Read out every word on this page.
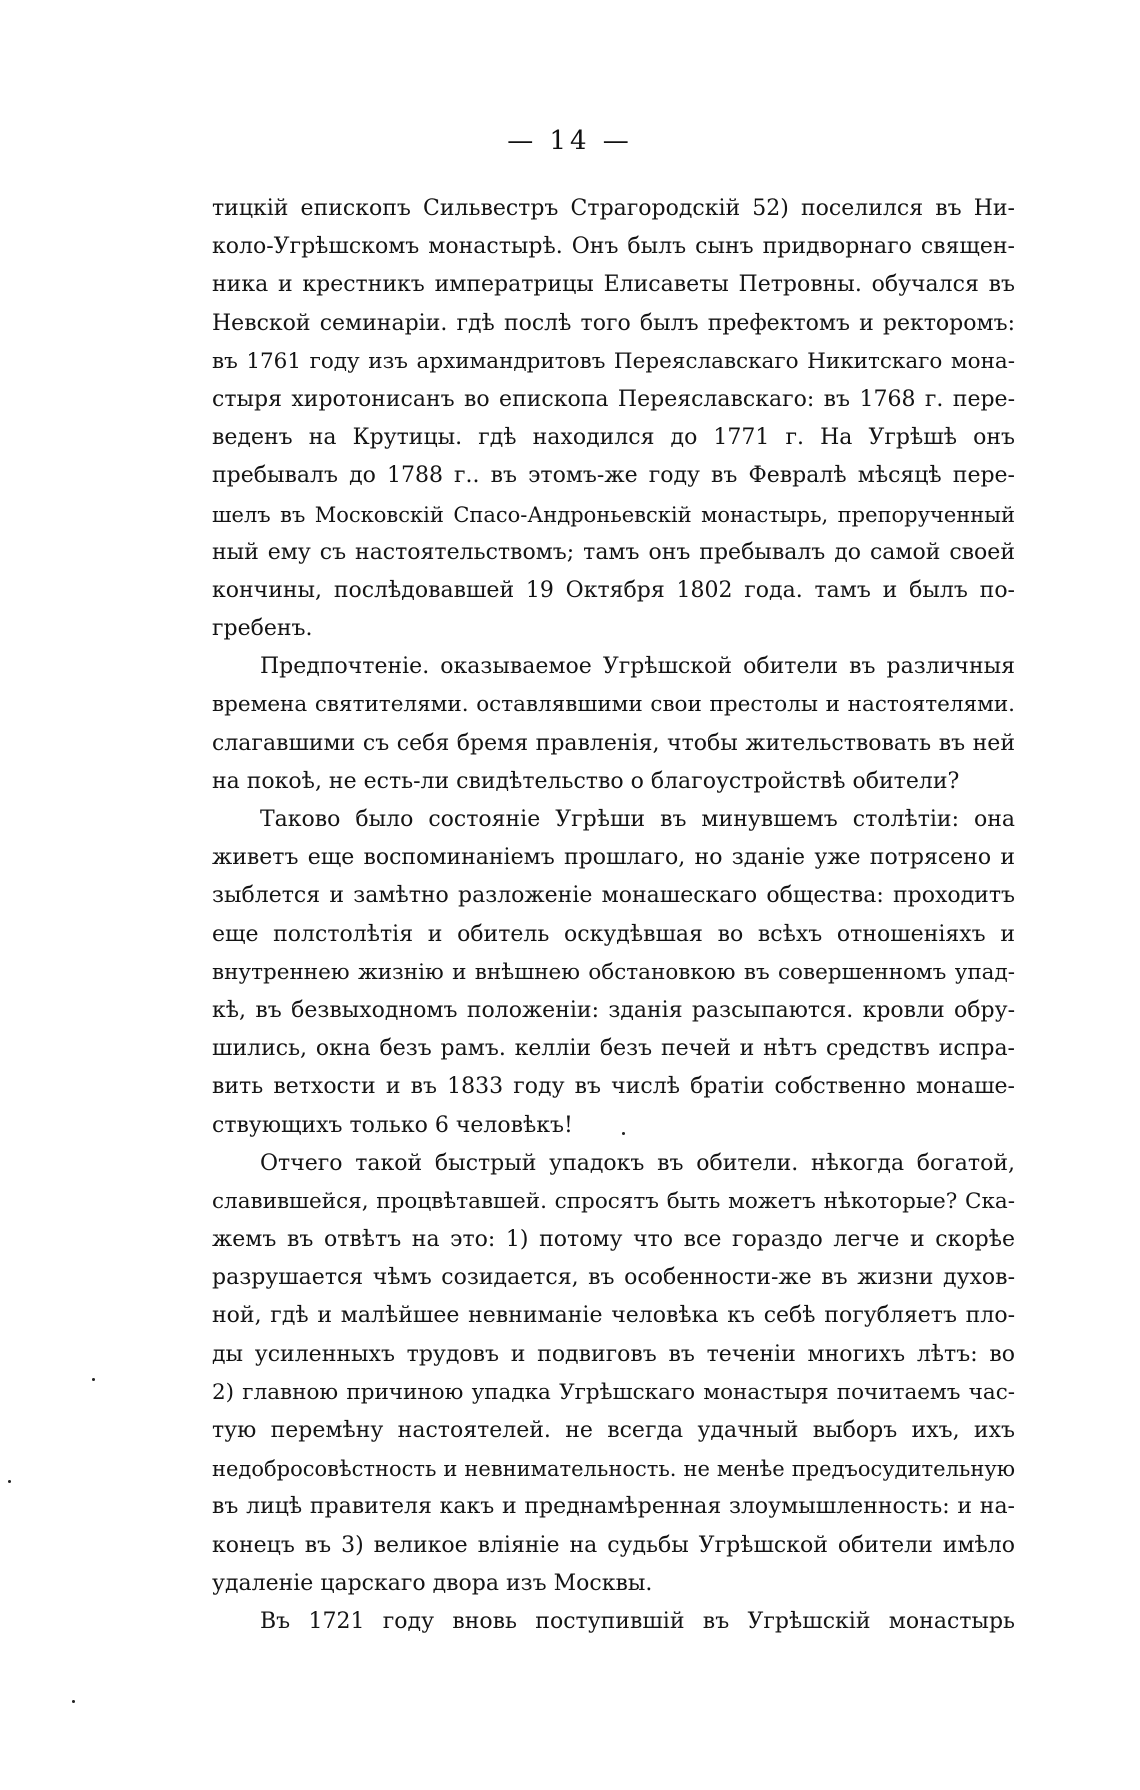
— 14 —
тицкій епископъ Сильвестръ Страгородскій 52) поселился въ Ни-
коло-Угрѣшскомъ монастырѣ. Онъ былъ сынъ придворнаго священ-
ника и крестникъ императрицы Елисаветы Петровны. обучался въ
Невской семинаріи. гдѣ послѣ того былъ префектомъ и ректоромъ:
въ 1761 году изъ архимандритовъ Переяславскаго Никитскаго мона-
стыря хиротонисанъ во епископа Переяславскаго: въ 1768 г. пере-
веденъ на Крутицы. гдѣ находился до 1771 г. На Угрѣшѣ онъ
пребывалъ до 1788 г.. въ этомъ-же году въ Февралѣ мѣсяцѣ пере-
шелъ въ Московскій Спасо-Андроньевскій монастырь, препорученный
ный ему съ настоятельствомъ; тамъ онъ пребывалъ до самой своей
кончины, послѣдовавшей 19 Октября 1802 года. тамъ и былъ по-
гребенъ.
Предпочтеніе. оказываемое Угрѣшской обители въ различныя
времена святителями. оставлявшими свои престолы и настоятелями.
слагавшими съ себя бремя правленія, чтобы жительствовать въ ней
на покоѣ, не есть-ли свидѣтельство о благоустройствѣ обители?
Таково было состояніе Угрѣши въ минувшемъ столѣтіи: она
живетъ еще воспоминаніемъ прошлаго, но зданіе уже потрясено и
зыблется и замѣтно разложеніе монашескаго общества: проходитъ
еще полстолѣтія и обитель оскудѣвшая во всѣхъ отношеніяхъ и
внутреннею жизнію и внѣшнею обстановкою въ совершенномъ упад-
кѣ, въ безвыходномъ положеніи: зданія разсыпаются. кровли обру-
шились, окна безъ рамъ. келліи безъ печей и нѣтъ средствъ испра-
вить ветхости и въ 1833 году въ числѣ братіи собственно монаше-
ствующихъ только 6 человѣкъ!
Отчего такой быстрый упадокъ въ обители. нѣкогда богатой,
славившейся, процвѣтавшей. спросятъ быть можетъ нѣкоторые? Ска-
жемъ въ отвѣтъ на это: 1) потому что все гораздо легче и скорѣе
разрушается чѣмъ созидается, въ особенности-же въ жизни духов-
ной, гдѣ и малѣйшее невниманіе человѣка къ себѣ погубляетъ пло-
ды усиленныхъ трудовъ и подвиговъ въ теченіи многихъ лѣтъ: во
2) главною причиною упадка Угрѣшскаго монастыря почитаемъ час-
тую перемѣну настоятелей. не всегда удачный выборъ ихъ, ихъ
недобросовѣстность и невнимательность. не менѣе предъосудительную
въ лицѣ правителя какъ и преднамѣренная злоумышленность: и на-
конецъ въ 3) великое вліяніе на судьбы Угрѣшской обители имѣло
удаленіе царскаго двора изъ Москвы.
Въ 1721 году вновь поступившій въ Угрѣшскій монастырь
